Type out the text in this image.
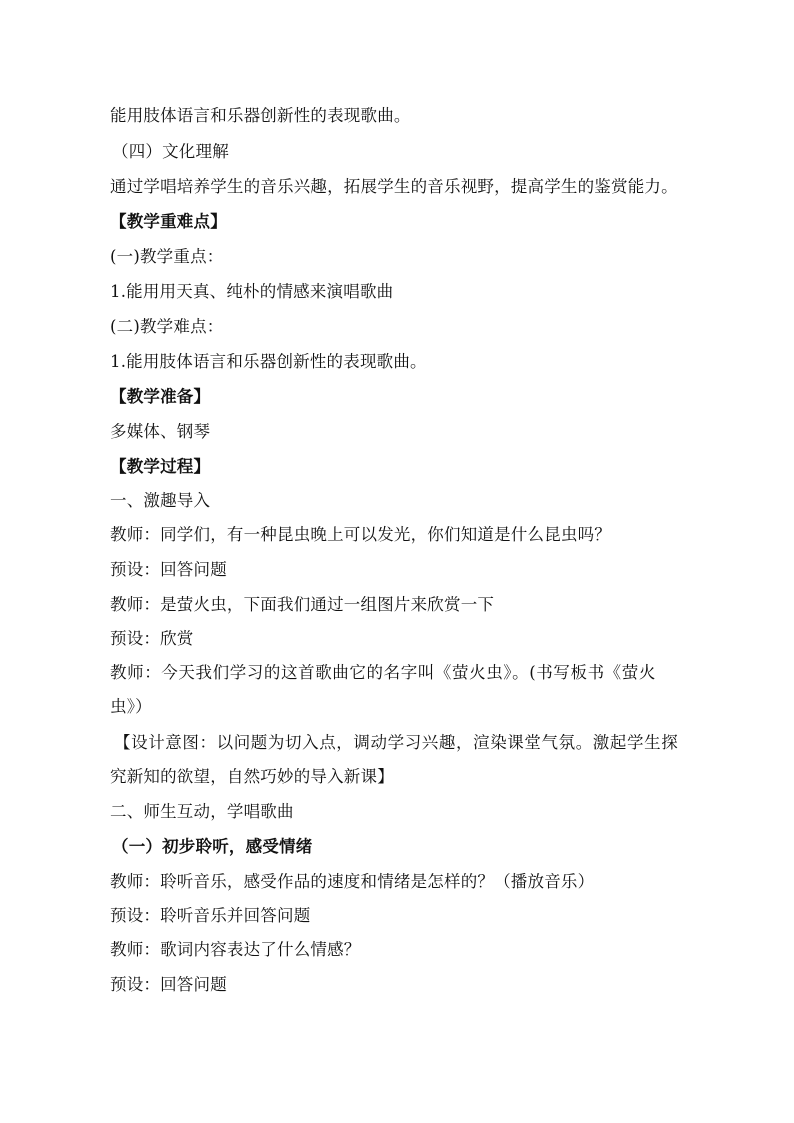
能用肢体语言和乐器创新性的表现歌曲。
（四）文化理解
通过学唱培养学生的音乐兴趣，拓展学生的音乐视野，提高学生的鉴赏能力。
【教学重难点】
(一)教学重点：
1.能用用天真、纯朴的情感来演唱歌曲
(二)教学难点：
1.能用肢体语言和乐器创新性的表现歌曲。
【教学准备】
多媒体、钢琴
【教学过程】
一、激趣导入
教师：同学们，有一种昆虫晚上可以发光，你们知道是什么昆虫吗？
预设：回答问题
教师：是萤火虫，下面我们通过一组图片来欣赏一下
预设：欣赏
教师：今天我们学习的这首歌曲它的名字叫《萤火虫》。(书写板书《萤火
虫》）
【设计意图：以问题为切入点，调动学习兴趣，渲染课堂气氛。激起学生探
究新知的欲望，自然巧妙的导入新课】
二、师生互动，学唱歌曲
（一）初步聆听，感受情绪
教师：聆听音乐，感受作品的速度和情绪是怎样的？（播放音乐）
预设：聆听音乐并回答问题
教师：歌词内容表达了什么情感？
预设：回答问题
